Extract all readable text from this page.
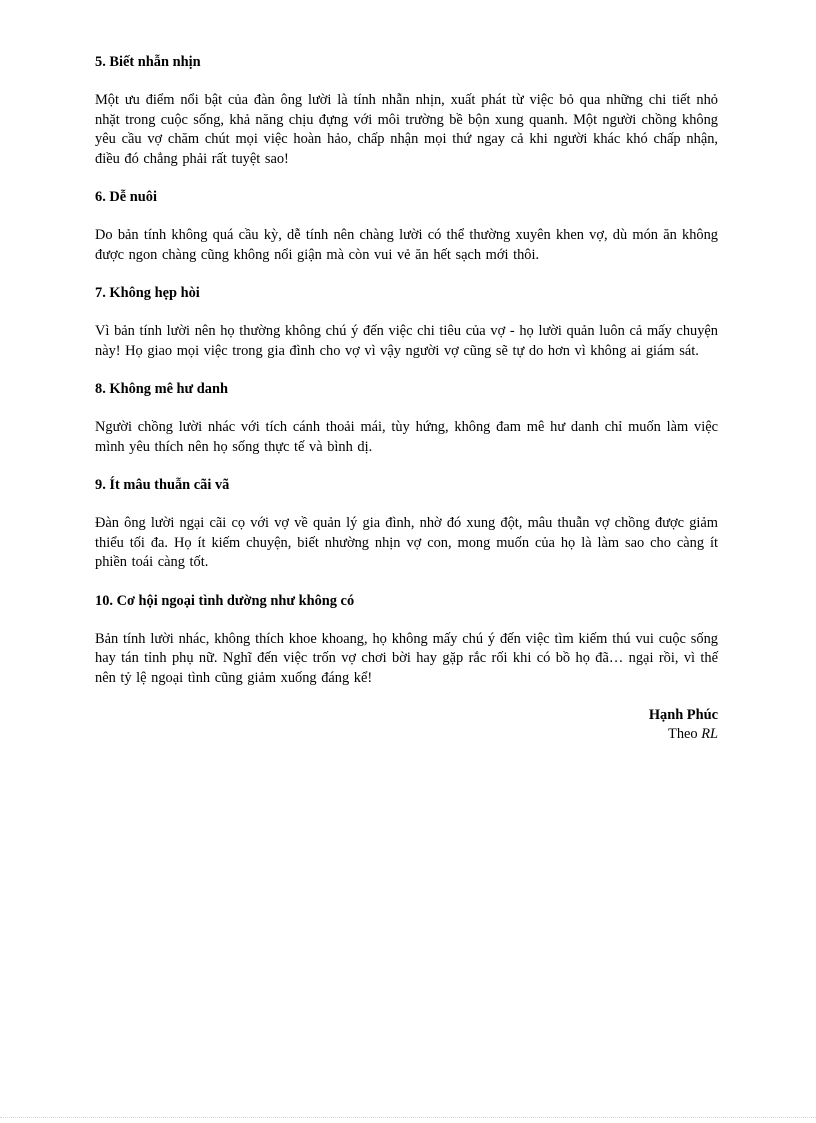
5. Biết nhẫn nhịn
Một ưu điểm nổi bật của đàn ông lười là tính nhẫn nhịn, xuất phát từ việc bỏ qua những chi tiết nhỏ nhặt trong cuộc sống, khả năng chịu đựng với môi trường bề bộn xung quanh. Một người chồng không yêu cầu vợ chăm chút mọi việc hoàn hảo, chấp nhận mọi thứ ngay cả khi người khác khó chấp nhận, điều đó chẳng phải rất tuyệt sao!
6. Dễ nuôi
Do bản tính không quá cầu kỳ, dễ tính nên chàng lười có thể thường xuyên khen vợ, dù món ăn không được ngon chàng cũng không nổi giận mà còn vui vẻ ăn hết sạch mới thôi.
7. Không hẹp hòi
Vì bản tính lười nên họ thường không chú ý đến việc chi tiêu của vợ - họ lười quản luôn cả mấy chuyện này! Họ giao mọi việc trong gia đình cho vợ vì vậy người vợ cũng sẽ tự do hơn vì không ai giám sát.
8. Không mê hư danh
Người chồng lười nhác với tích cánh thoải mái, tùy hứng, không đam mê hư danh chỉ muốn làm việc mình yêu thích nên họ sống thực tế và bình dị.
9. Ít mâu thuẫn cãi vã
Đàn ông lười ngại cãi cọ với vợ về quản lý gia đình, nhờ đó xung đột, mâu thuẫn vợ chồng được giảm thiểu tối đa. Họ ít kiếm chuyện, biết nhường nhịn vợ con, mong muốn của họ là làm sao cho càng ít phiền toái càng tốt.
10. Cơ hội ngoại tình dường như không có
Bản tính lười nhác, không thích khoe khoang, họ không mấy chú ý đến việc tìm kiếm thú vui cuộc sống hay tán tỉnh phụ nữ. Nghĩ đến việc trốn vợ chơi bời hay gặp rắc rối khi có bồ họ đã… ngại rồi, vì thế nên tỷ lệ ngoại tình cũng giảm xuống đáng kể!
Hạnh Phúc
Theo RL
